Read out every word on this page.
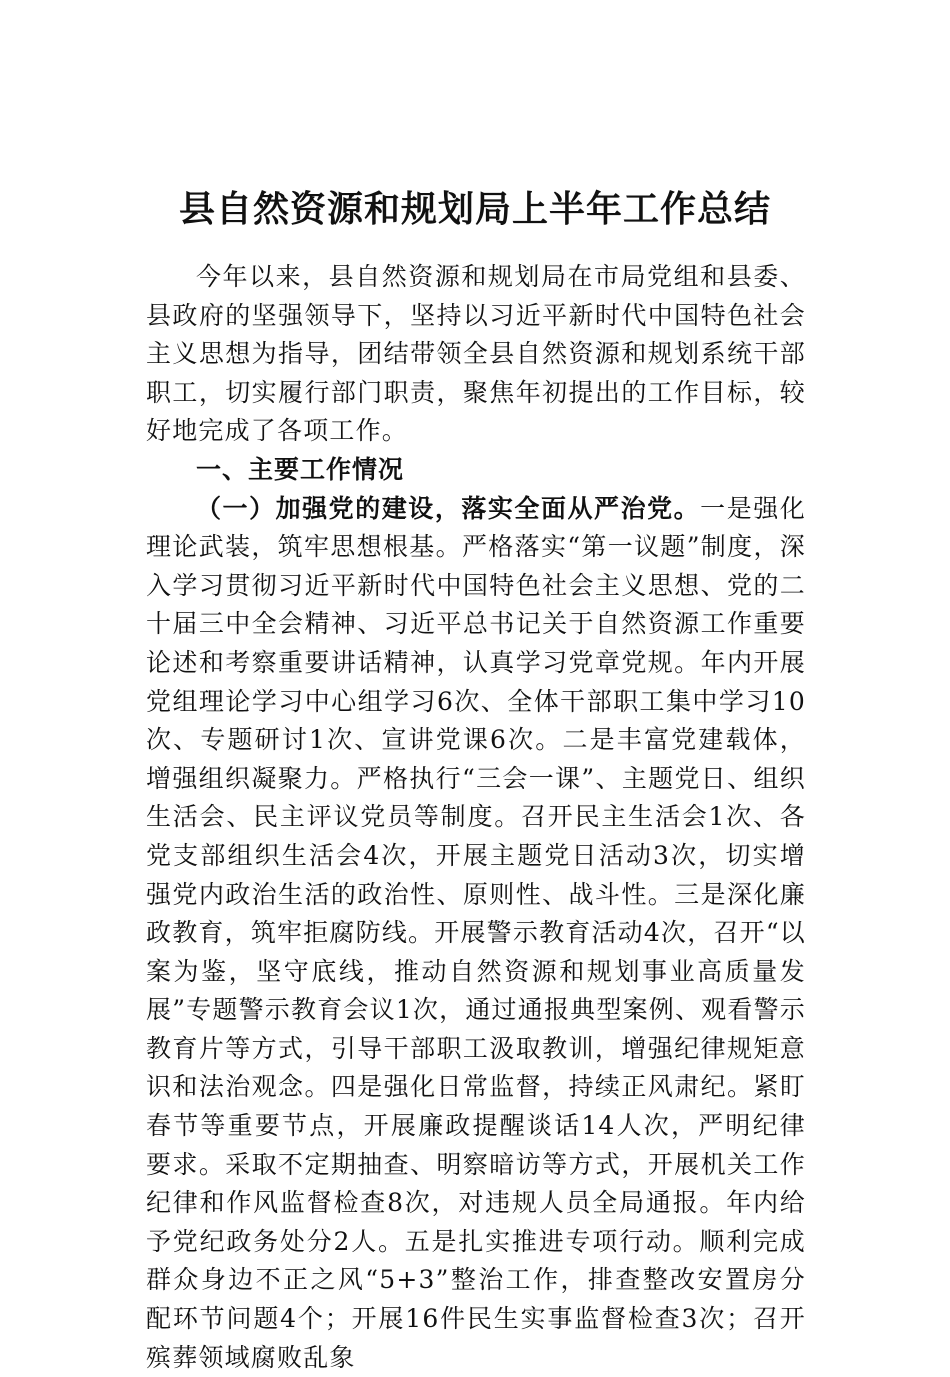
县自然资源和规划局上半年工作总结

今年以来，县自然资源和规划局在市局党组和县委、县政府的坚强领导下，坚持以习近平新时代中国特色社会主义思想为指导，团结带领全县自然资源和规划系统干部职工，切实履行部门职责，聚焦年初提出的工作目标，较好地完成了各项工作。

一、主要工作情况

（一）加强党的建设，落实全面从严治党。一是强化理论武装，筑牢思想根基。严格落实“第一议题”制度，深入学习贯彻习近平新时代中国特色社会主义思想、党的二十届三中全会精神、习近平总书记关于自然资源工作重要论述和考察重要讲话精神，认真学习党章党规。年内开展党组理论学习中心组学习6次、全体干部职工集中学习10次、专题研讨1次、宣讲党课6次。二是丰富党建载体，增强组织凝聚力。严格执行“三会一课”、主题党日、组织生活会、民主评议党员等制度。召开民主生活会1次、各党支部组织生活会4次，开展主题党日活动3次，切实增强党内政治生活的政治性、原则性、战斗性。三是深化廉政教育，筑牢拒腐防线。开展警示教育活动4次，召开“以案为鉴，坚守底线，推动自然资源和规划事业高质量发展”专题警示教育会议1次，通过通报典型案例、观看警示教育片等方式，引导干部职工汲取教训，增强纪律规矩意识和法治观念。四是强化日常监督，持续正风肃纪。紧盯春节等重要节点，开展廉政提醒谈话14人次，严明纪律要求。采取不定期抽查、明察暗访等方式，开展机关工作纪律和作风监督检查8次，对违规人员全局通报。年内给予党纪政务处分2人。五是扎实推进专项行动。顺利完成群众身边不正之风“5+3”整治工作，排查整改安置房分配环节问题4个；开展16件民生实事监督检查3次；召开殡葬领域腐败乱象
